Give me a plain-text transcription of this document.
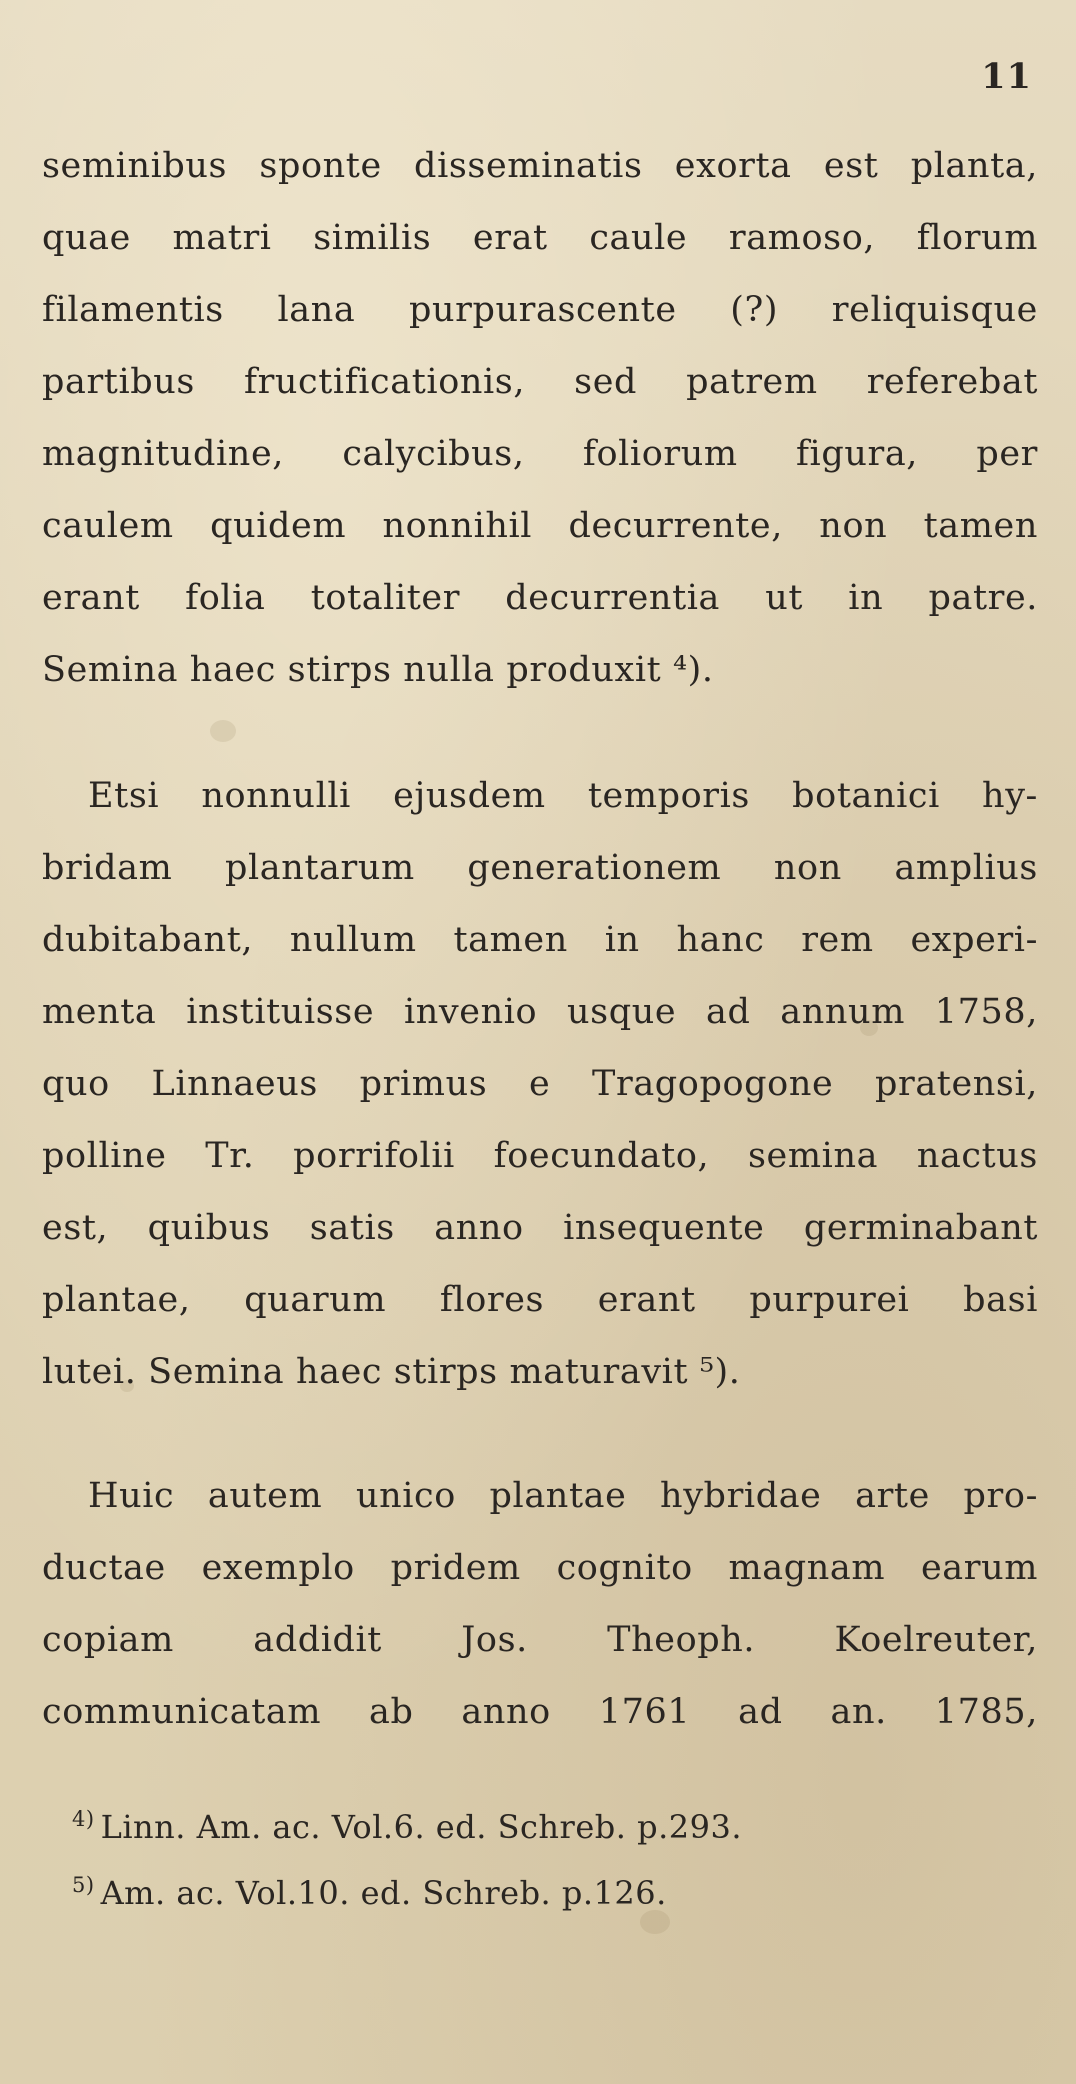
11
seminibus sponte disseminatis exorta est planta,
quae matri similis erat caule ramoso, florum
filamentis lana purpurascente (?) reliquisque
partibus fructificationis, sed patrem referebat
magnitudine, calycibus, foliorum figura, per
caulem quidem nonnihil decurrente, non tamen
erant folia totaliter decurrentia ut in patre.
Semina haec stirps nulla produxit ⁴).
Etsi nonnulli ejusdem temporis botanici hy-
bridam plantarum generationem non amplius
dubitabant, nullum tamen in hanc rem experi-
menta instituisse invenio usque ad annum 1758,
quo Linnaeus primus e Tragopogone pratensi,
polline Tr. porrifolii foecundato, semina nactus
est, quibus satis anno insequente germinabant
plantae, quarum flores erant purpurei basi
lutei. Semina haec stirps maturavit ⁵).
Huic autem unico plantae hybridae arte pro-
ductae exemplo pridem cognito magnam earum
copiam addidit Jos. Theoph. Koelreuter,
communicatam ab anno 1761 ad an. 1785,
$^{4)}$ Linn. Am. ac. Vol.6. ed. Schreb. p.293.
$^{5)}$ Am. ac. Vol.10. ed. Schreb. p.126.
